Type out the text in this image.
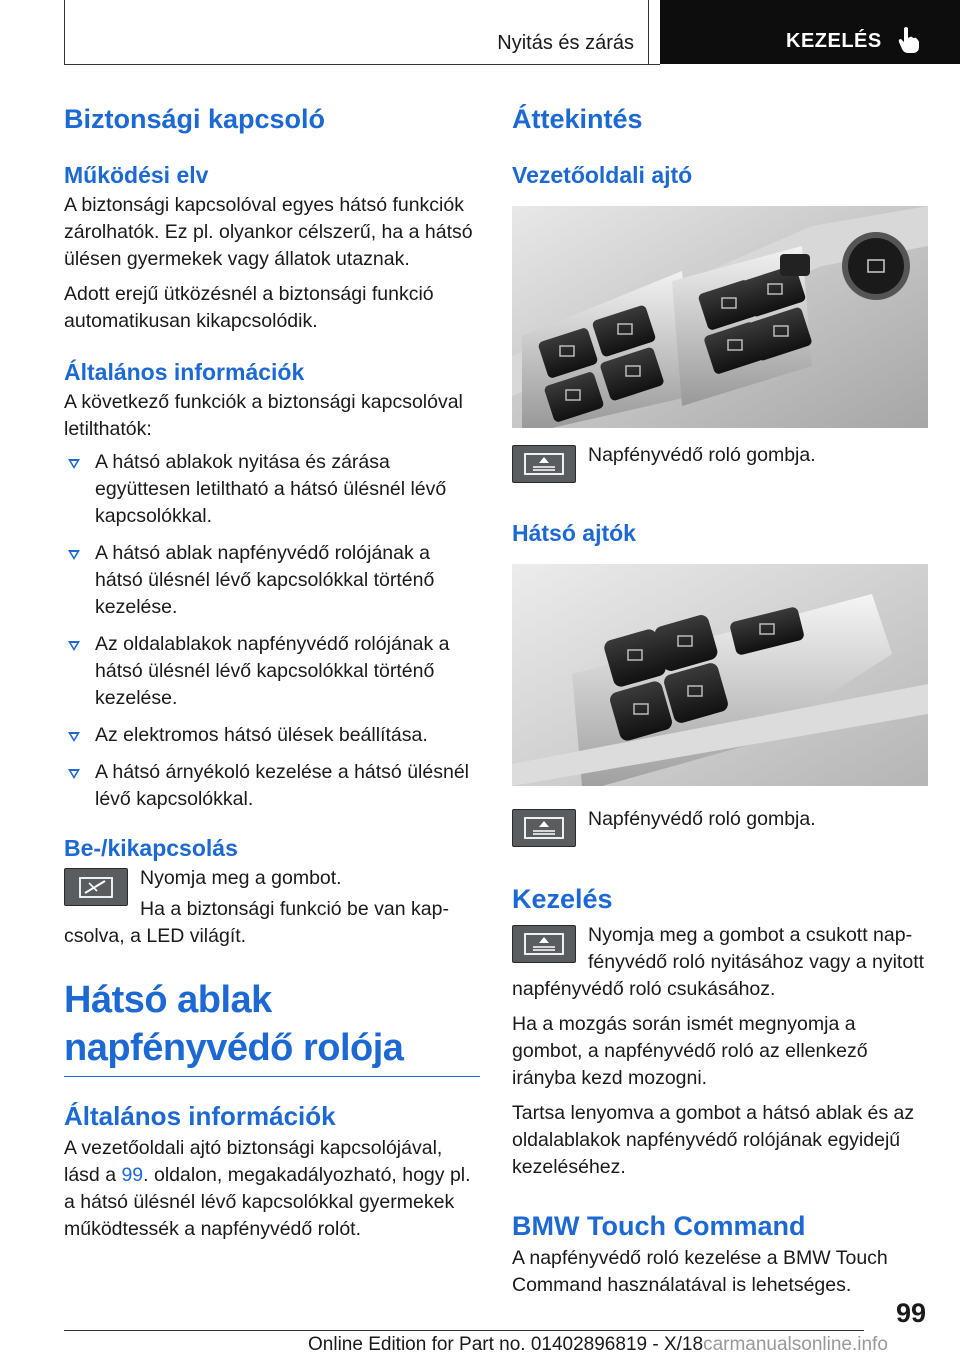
Nyitás és zárás	KEZELÉS
Biztonsági kapcsoló
Működési elv

A biztonsági kapcsolóval egyes hátsó funkciók zárolhatók. Ez pl. olyankor célszerű, ha a hátsó ülésen gyermekek vagy állatok utaznak.

Adott erejű ütközésnél a biztonsági funkció automatikusan kikapcsolódik.

Általános információk

A következő funkciók a biztonsági kapcsolóval letilthatók:

A hátsó ablakok nyitása és zárása együttesen letiltható a hátsó ülésnél lévő kapcsolókkal.
A hátsó ablak napfényvédő rolójának a hátsó ülésnél lévő kapcsolókkal történő kezelése.
Az oldalablakok napfényvédő rolójának a hátsó ülésnél lévő kapcsolókkal történő kezelése.
Az elektromos hátsó ülések beállítása.
A hátsó árnyékoló kezelése a hátsó ülésnél lévő kapcsolókkal.
Be-/kikapcsolás

Nyomja meg a gombot.

Ha a biztonsági funkció be van kapcsolva, a LED világít.

Hátsó ablak napfényvédő rolója
Általános információk

A vezetőoldali ajtó biztonsági kapcsolójával, lásd a 99. oldalon, megakadályozható, hogy pl. a hátsó ülésnél lévő kapcsolókkal gyermekek működtessék a napfényvédő rolót.

Áttekintés
Vezetőoldali ajtó

Napfényvédő roló gombja.

Hátsó ajtók

Napfényvédő roló gombja.

Kezelés

Nyomja meg a gombot a csukott napfényvédő roló nyitásához vagy a nyitott napfényvédő roló csukásához.

Ha a mozgás során ismét megnyomja a gombot, a napfényvédő roló az ellenkező irányba kezd mozogni.

Tartsa lenyomva a gombot a hátsó ablak és az oldalablakok napfényvédő rolójának egyidejű kezeléséhez.

BMW Touch Command

A napfényvédő roló kezelése a BMW Touch Command használatával is lehetséges.

99
Online Edition for Part no. 01402896819 - X/18carmanualsonline.info
